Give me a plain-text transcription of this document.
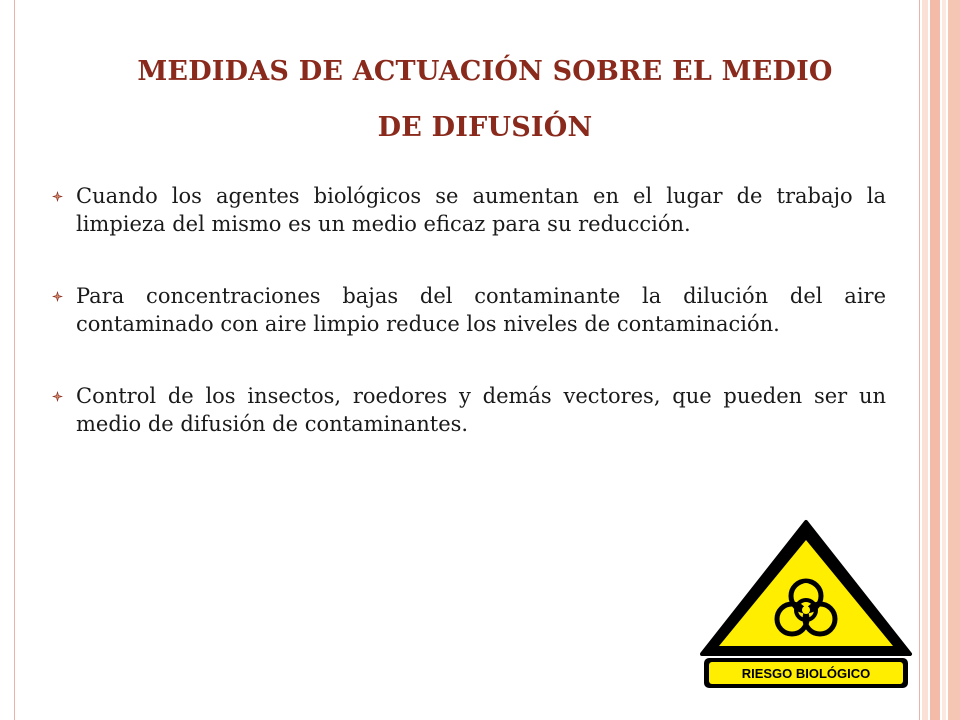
MEDIDAS DE ACTUACIÓN SOBRE EL MEDIO
DE DIFUSIÓN
Cuando los agentes biológicos se aumentan en el lugar de trabajo la limpieza del mismo es un medio eficaz para su reducción.
Para concentraciones bajas del contaminante la dilución del aire contaminado con aire limpio reduce los niveles de contaminación.
Control de los insectos, roedores y demás vectores, que pueden ser un medio de difusión de contaminantes.
RIESGO BIOLÓGICO
